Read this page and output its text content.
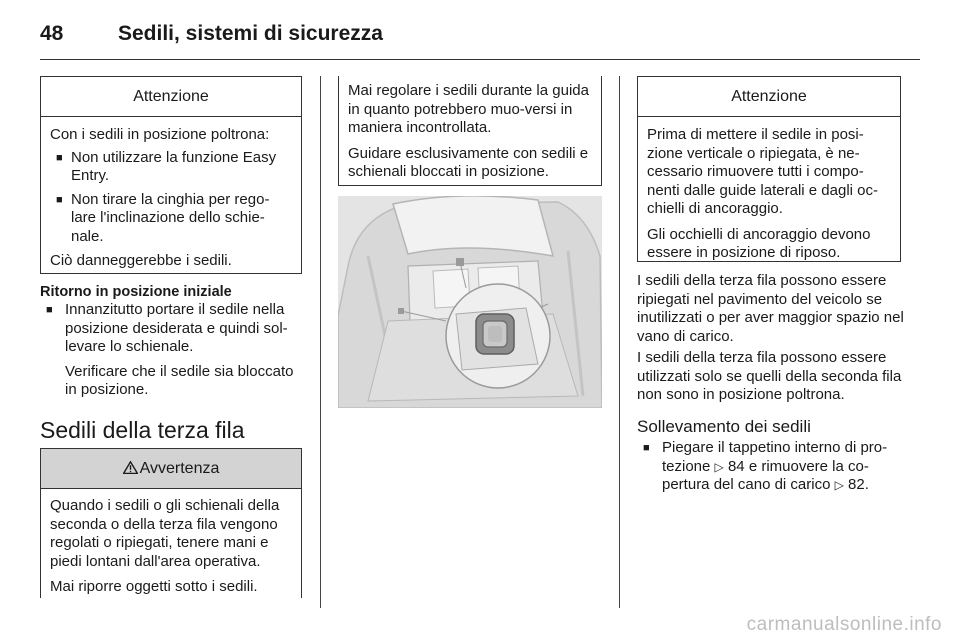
48	Sedili, sistemi di sicurezza
Attenzione

Con i sedili in posizione poltrona:

■ Non utilizzare la funzione Easy Entry.
■ Non tirare la cinghia per rego-lare l'inclinazione dello schie-nale.

Ciò danneggerebbe i sedili.

Ritorno in posizione iniziale
■ Innanzitutto portare il sedile nella posizione desiderata e quindi sol-levare lo schienale.
Verificare che il sedile sia bloccato in posizione.
Sedili della terza fila
Avvertenza

Quando i sedili o gli schienali della seconda o della terza fila vengono regolati o ripiegati, tenere mani e piedi lontani dall'area operativa.

Mai riporre oggetti sotto i sedili.

Mai regolare i sedili durante la guida in quanto potrebbero muo-versi in maniera incontrollata.

Guidare esclusivamente con sedili e schienali bloccati in posizione.

Attenzione

Prima di mettere il sedile in posi-zione verticale o ripiegata, è ne-cessario rimuovere tutti i compo-nenti dalle guide laterali e dagli oc-chielli di ancoraggio.

Gli occhielli di ancoraggio devono essere in posizione di riposo.

I sedili della terza fila possono essere ripiegati nel pavimento del veicolo se inutilizzati o per aver maggior spazio nel vano di carico.
I sedili della terza fila possono essere utilizzati solo se quelli della seconda fila non sono in posizione poltrona.
Sollevamento dei sedili
■ Piegare il tappetino interno di pro-tezione ▷ 84 e rimuovere la co-pertura del cano di carico ▷ 82.
carmanualsonline.info
